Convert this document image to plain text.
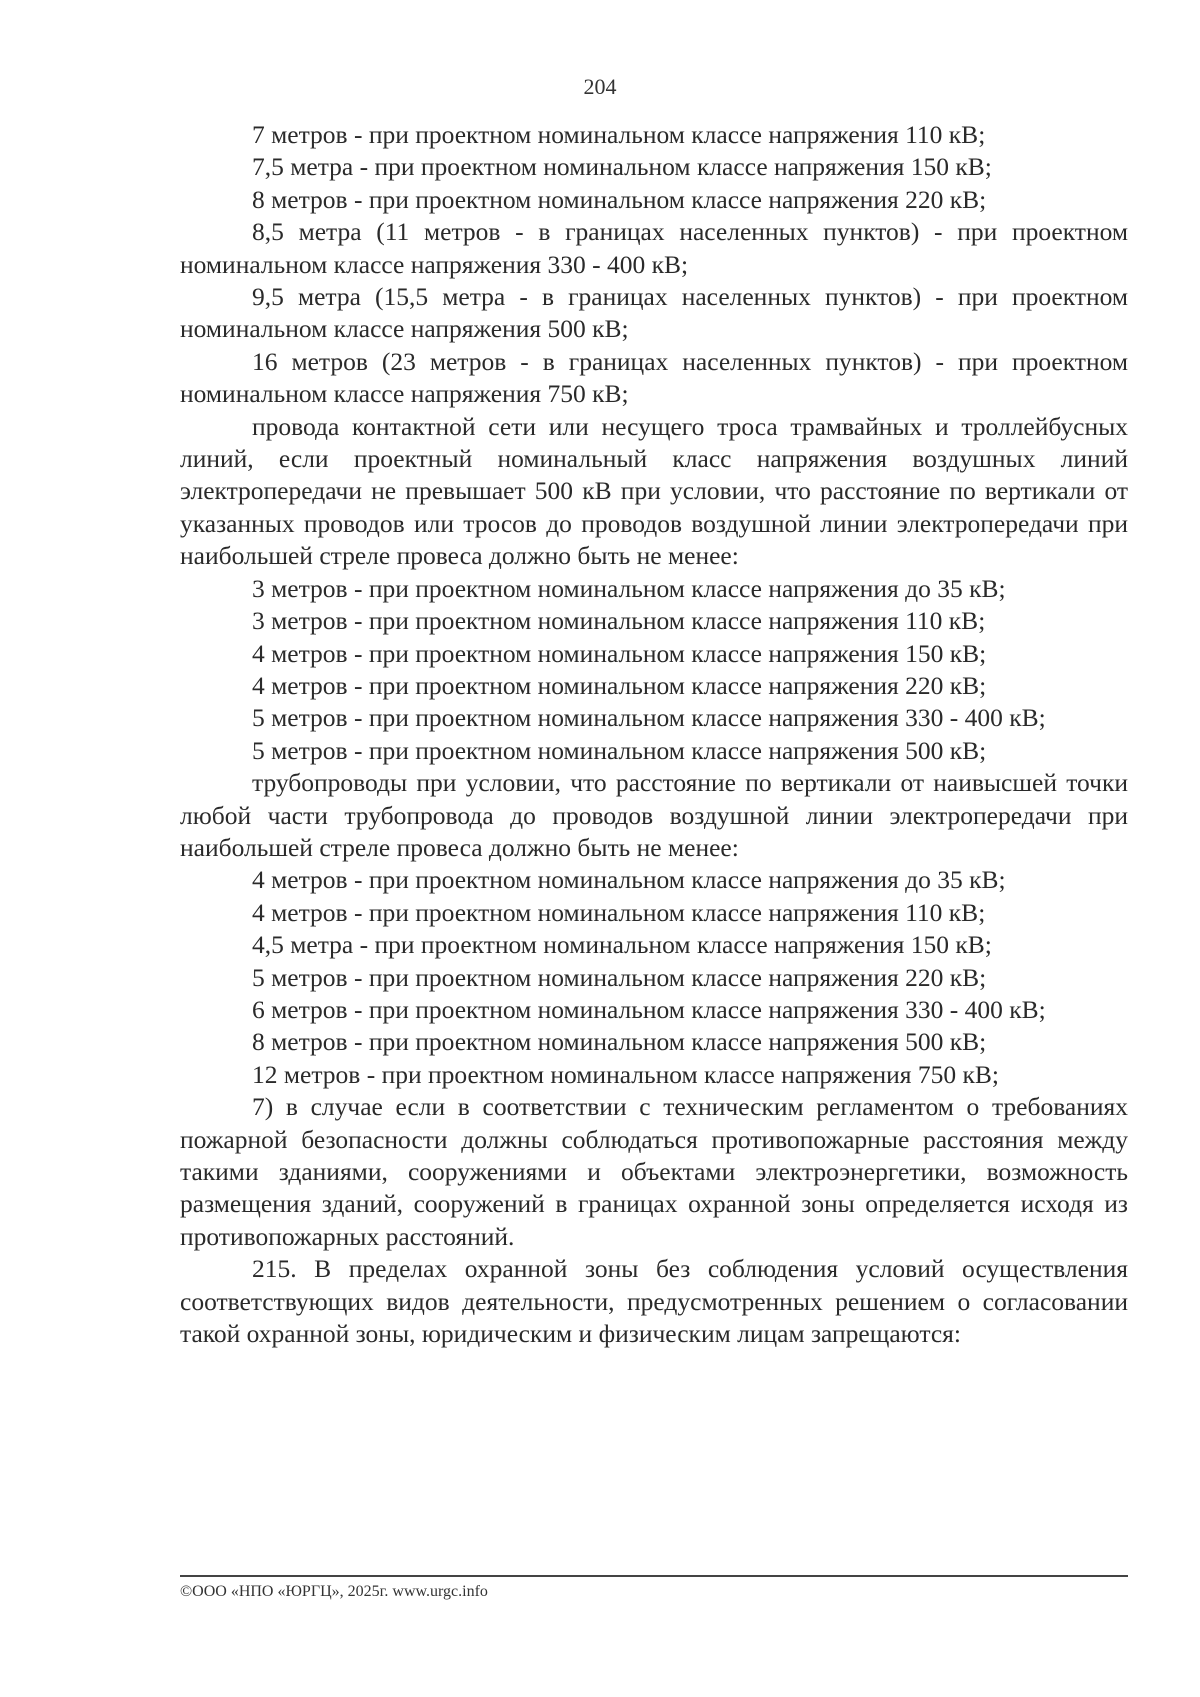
204

7 метров - при проектном номинальном классе напряжения 110 кВ;

7,5 метра - при проектном номинальном классе напряжения 150 кВ;

8 метров - при проектном номинальном классе напряжения 220 кВ;

8,5 метра (11 метров - в границах населенных пунктов) - при проектном номинальном классе напряжения 330 - 400 кВ;

9,5 метра (15,5 метра - в границах населенных пунктов) - при проектном номинальном классе напряжения 500 кВ;

16 метров (23 метров - в границах населенных пунктов) - при проектном номинальном классе напряжения 750 кВ;

провода контактной сети или несущего троса трамвайных и троллейбусных линий, если проектный номинальный класс напряжения воздушных линий электропередачи не превышает 500 кВ при условии, что расстояние по вертикали от указанных проводов или тросов до проводов воздушной линии электропередачи при наибольшей стреле провеса должно быть не менее:

3 метров - при проектном номинальном классе напряжения до 35 кВ;

3 метров - при проектном номинальном классе напряжения 110 кВ;

4 метров - при проектном номинальном классе напряжения 150 кВ;

4 метров - при проектном номинальном классе напряжения 220 кВ;

5 метров - при проектном номинальном классе напряжения 330 - 400 кВ;

5 метров - при проектном номинальном классе напряжения 500 кВ;

трубопроводы при условии, что расстояние по вертикали от наивысшей точки любой части трубопровода до проводов воздушной линии электропередачи при наибольшей стреле провеса должно быть не менее:

4 метров - при проектном номинальном классе напряжения до 35 кВ;

4 метров - при проектном номинальном классе напряжения 110 кВ;

4,5 метра - при проектном номинальном классе напряжения 150 кВ;

5 метров - при проектном номинальном классе напряжения 220 кВ;

6 метров - при проектном номинальном классе напряжения 330 - 400 кВ;

8 метров - при проектном номинальном классе напряжения 500 кВ;

12 метров - при проектном номинальном классе напряжения 750 кВ;

7) в случае если в соответствии с техническим регламентом о требованиях пожарной безопасности должны соблюдаться противопожарные расстояния между такими зданиями, сооружениями и объектами электроэнергетики, возможность размещения зданий, сооружений в границах охранной зоны определяется исходя из противопожарных расстояний.

215. В пределах охранной зоны без соблюдения условий осуществления соответствующих видов деятельности, предусмотренных решением о согласовании такой охранной зоны, юридическим и физическим лицам запрещаются:

©ООО «НПО «ЮРГЦ», 2025г. www.urgc.info
